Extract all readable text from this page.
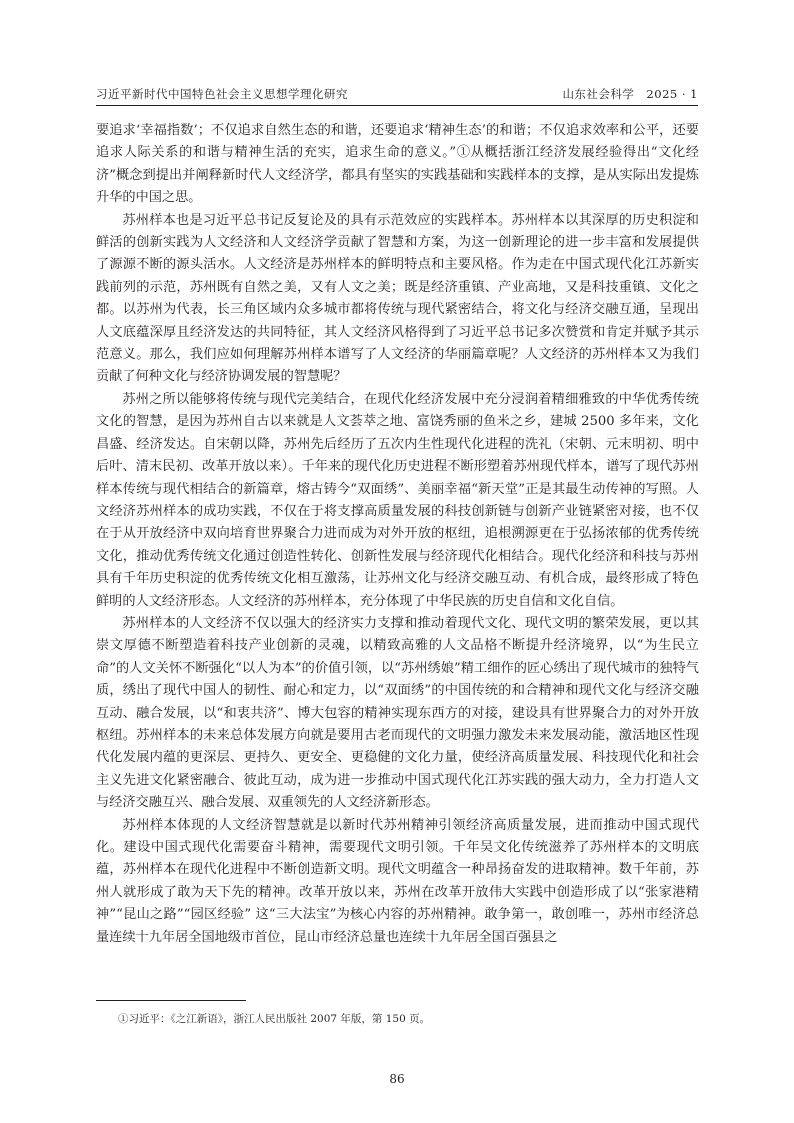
习近平新时代中国特色社会主义思想学理化研究	山东社会科学　2025 · 1

要追求‘幸福指数’；不仅追求自然生态的和谐，还要追求‘精神生态’的和谐；不仅追求效率和公平，还要追求人际关系的和谐与精神生活的充实，追求生命的意义。”①从概括浙江经济发展经验得出“文化经济”概念到提出并阐释新时代人文经济学，都具有坚实的实践基础和实践样本的支撑，是从实际出发提炼升华的中国之思。

苏州样本也是习近平总书记反复论及的具有示范效应的实践样本。苏州样本以其深厚的历史积淀和鲜活的创新实践为人文经济和人文经济学贡献了智慧和方案，为这一创新理论的进一步丰富和发展提供了源源不断的源头活水。人文经济是苏州样本的鲜明特点和主要风格。作为走在中国式现代化江苏新实践前列的示范，苏州既有自然之美，又有人文之美；既是经济重镇、产业高地，又是科技重镇、文化之都。以苏州为代表，长三角区域内众多城市都将传统与现代紧密结合，将文化与经济交融互通，呈现出人文底蕴深厚且经济发达的共同特征，其人文经济风格得到了习近平总书记多次赞赏和肯定并赋予其示范意义。那么，我们应如何理解苏州样本谱写了人文经济的华丽篇章呢？人文经济的苏州样本又为我们贡献了何种文化与经济协调发展的智慧呢？

苏州之所以能够将传统与现代完美结合，在现代化经济发展中充分浸润着精细雅致的中华优秀传统文化的智慧，是因为苏州自古以来就是人文荟萃之地、富饶秀丽的鱼米之乡，建城 2500 多年来，文化昌盛、经济发达。自宋朝以降，苏州先后经历了五次内生性现代化进程的洗礼（宋朝、元末明初、明中后叶、清末民初、改革开放以来）。千年来的现代化历史进程不断形塑着苏州现代样本，谱写了现代苏州样本传统与现代相结合的新篇章，熔古铸今“双面绣”、美丽幸福“新天堂”正是其最生动传神的写照。人文经济苏州样本的成功实践，不仅在于将支撑高质量发展的科技创新链与创新产业链紧密对接，也不仅在于从开放经济中双向培育世界聚合力进而成为对外开放的枢纽，追根溯源更在于弘扬浓郁的优秀传统文化，推动优秀传统文化通过创造性转化、创新性发展与经济现代化相结合。现代化经济和科技与苏州具有千年历史积淀的优秀传统文化相互激荡，让苏州文化与经济交融互动、有机合成，最终形成了特色鲜明的人文经济形态。人文经济的苏州样本，充分体现了中华民族的历史自信和文化自信。

苏州样本的人文经济不仅以强大的经济实力支撑和推动着现代文化、现代文明的繁荣发展，更以其崇文厚德不断塑造着科技产业创新的灵魂，以精致高雅的人文品格不断提升经济境界，以“为生民立命”的人文关怀不断强化“以人为本”的价值引领，以“苏州绣娘”精工细作的匠心绣出了现代城市的独特气质，绣出了现代中国人的韧性、耐心和定力，以“双面绣”的中国传统的和合精神和现代文化与经济交融互动、融合发展，以“和衷共济”、博大包容的精神实现东西方的对接，建设具有世界聚合力的对外开放枢纽。苏州样本的未来总体发展方向就是要用古老而现代的文明强力激发未来发展动能，激活地区性现代化发展内蕴的更深层、更持久、更安全、更稳健的文化力量，使经济高质量发展、科技现代化和社会主义先进文化紧密融合、彼此互动，成为进一步推动中国式现代化江苏实践的强大动力，全力打造人文与经济交融互兴、融合发展、双重领先的人文经济新形态。

苏州样本体现的人文经济智慧就是以新时代苏州精神引领经济高质量发展，进而推动中国式现代化。建设中国式现代化需要奋斗精神，需要现代文明引领。千年吴文化传统滋养了苏州样本的文明底蕴，苏州样本在现代化进程中不断创造新文明。现代文明蕴含一种昂扬奋发的进取精神。数千年前，苏州人就形成了敢为天下先的精神。改革开放以来，苏州在改革开放伟大实践中创造形成了以“张家港精神”“昆山之路”“园区经验” 这“三大法宝”为核心内容的苏州精神。敢争第一，敢创唯一，苏州市经济总量连续十九年居全国地级市首位，昆山市经济总量也连续十九年居全国百强县之

①习近平：《之江新语》，浙江人民出版社 2007 年版，第 150 页。
86
